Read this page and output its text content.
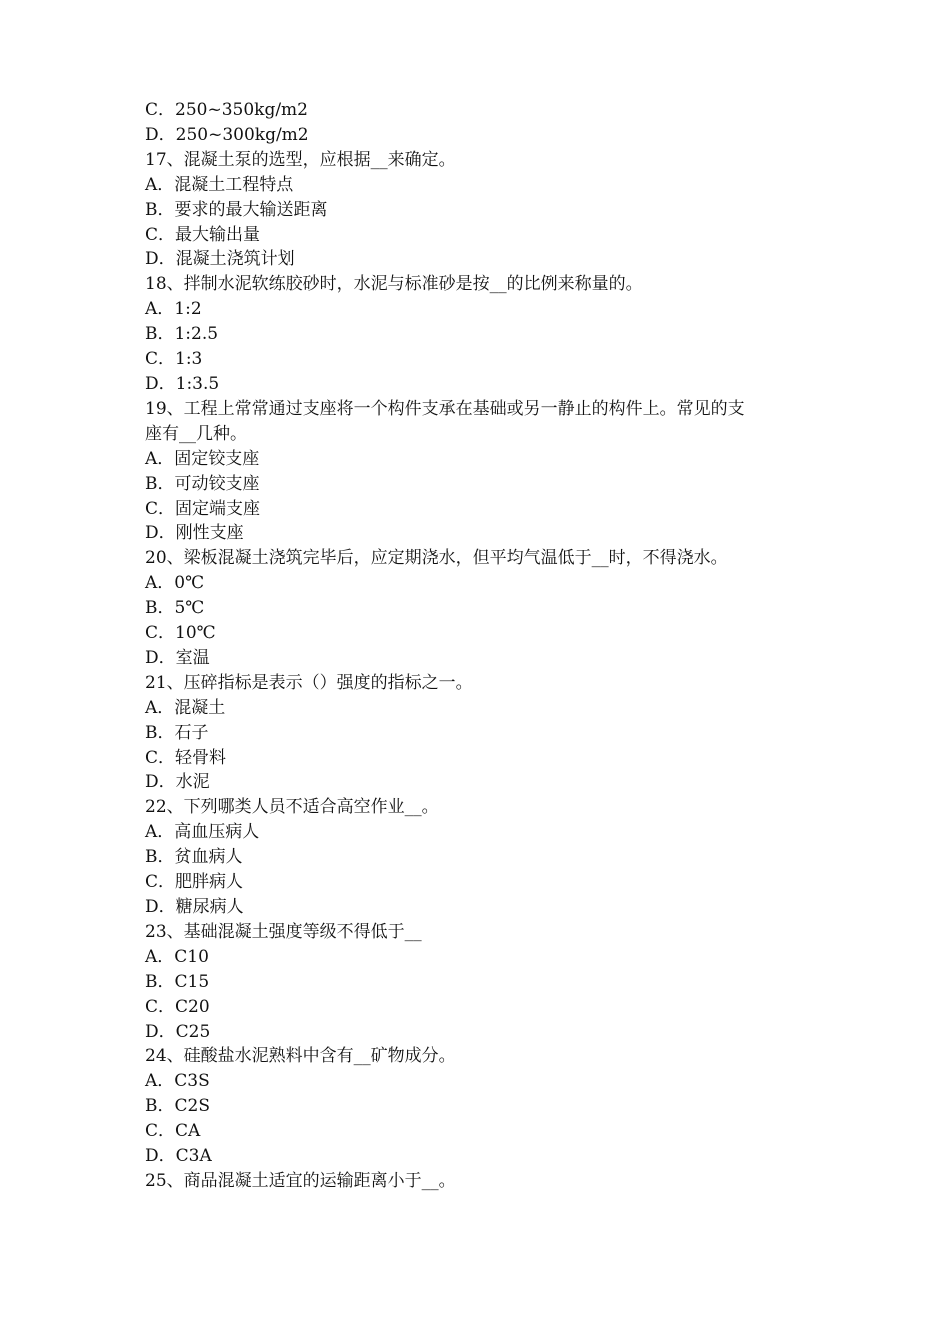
C．250~350kg/m2

D．250~300kg/m2

17、混凝土泵的选型，应根据__来确定。

A．混凝土工程特点

B．要求的最大输送距离

C．最大输出量

D．混凝土浇筑计划

18、拌制水泥软练胶砂时，水泥与标准砂是按__的比例来称量的。

A．1:2

B．1:2.5

C．1:3

D．1:3.5

19、工程上常常通过支座将一个构件支承在基础或另一静止的构件上。常见的支

座有__几种。

A．固定铰支座

B．可动铰支座

C．固定端支座

D．刚性支座

20、梁板混凝土浇筑完毕后，应定期浇水，但平均气温低于__时，不得浇水。

A．0℃

B．5℃

C．10℃

D．室温

21、压碎指标是表示（）强度的指标之一。

A．混凝土

B．石子

C．轻骨料

D．水泥

22、下列哪类人员不适合高空作业__。

A．高血压病人

B．贫血病人

C．肥胖病人

D．糖尿病人

23、基础混凝土强度等级不得低于__

A．C10

B．C15

C．C20

D．C25

24、硅酸盐水泥熟料中含有__矿物成分。

A．C3S

B．C2S

C．CA

D．C3A

25、商品混凝土适宜的运输距离小于__。
